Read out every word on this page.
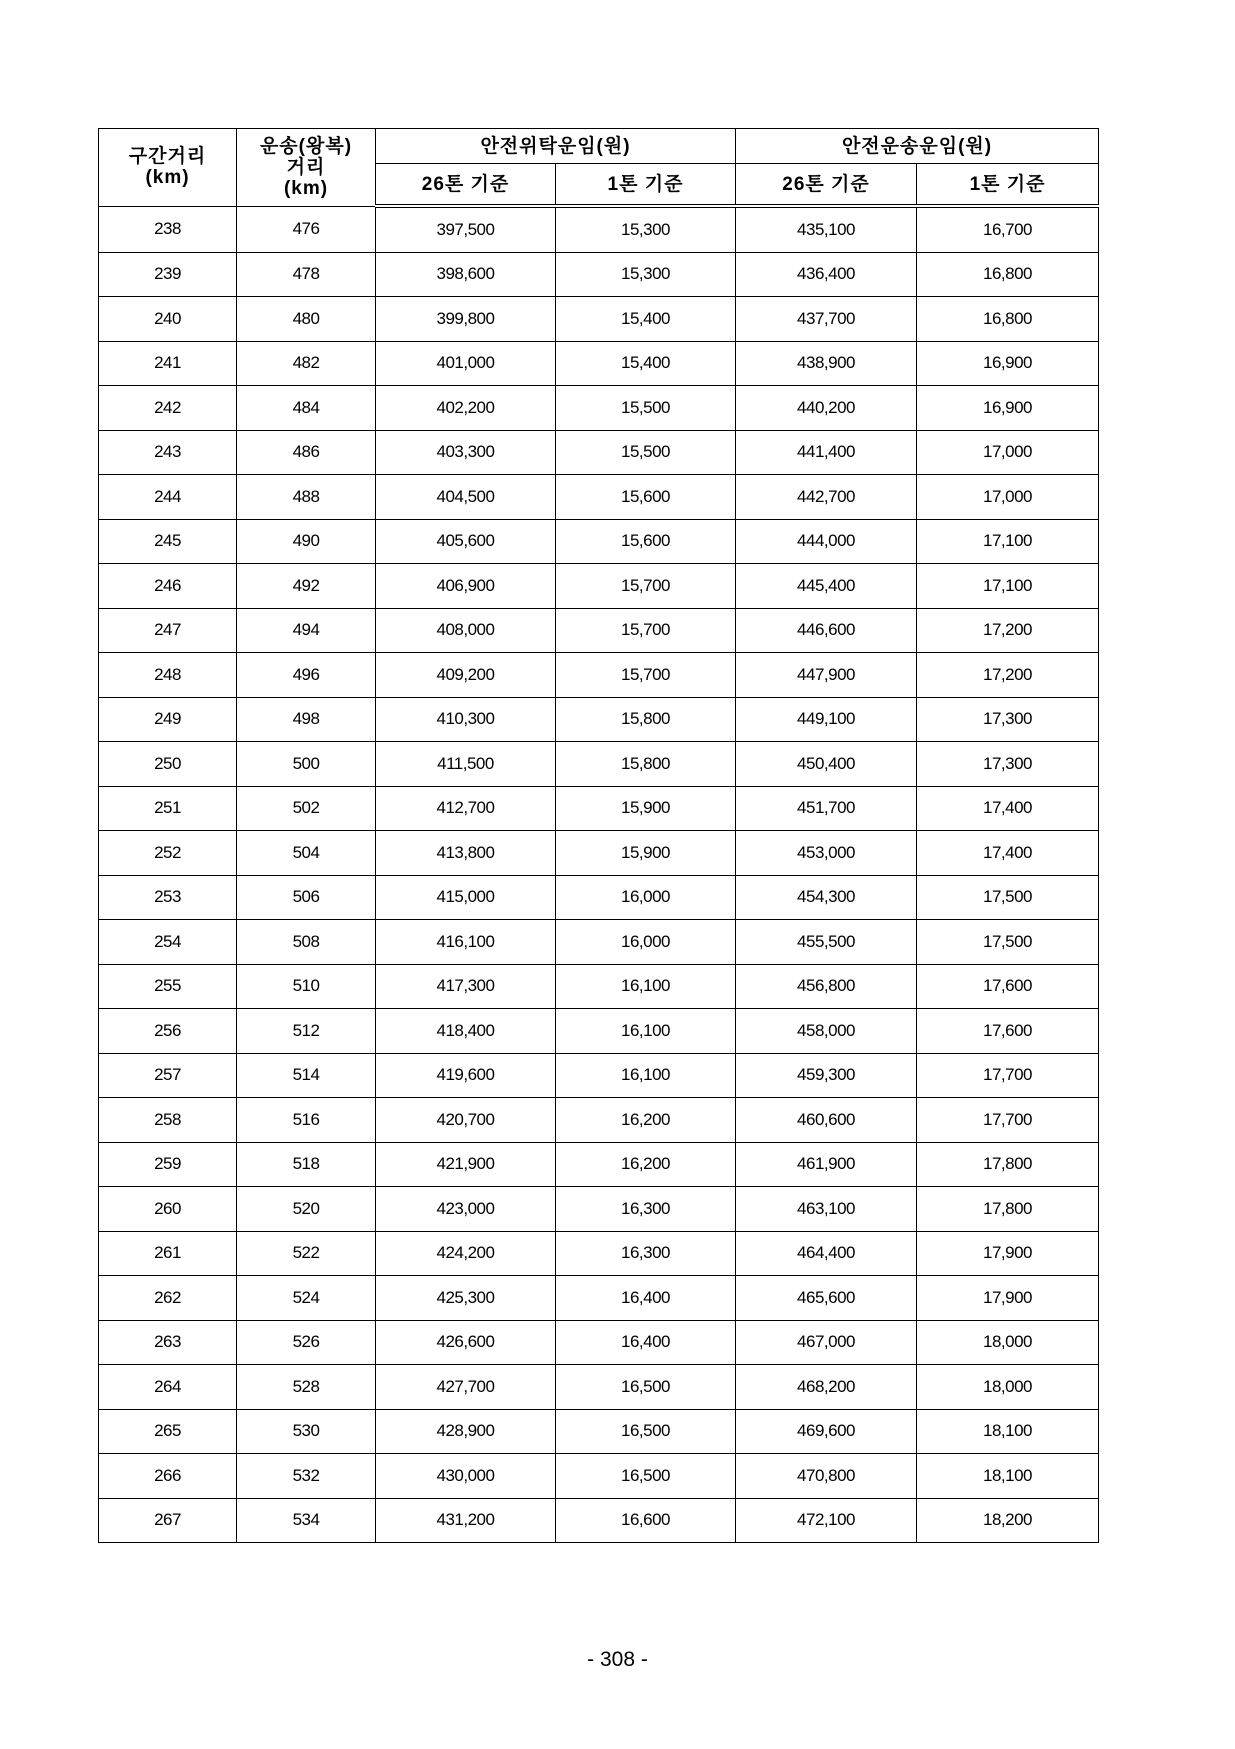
구간거리
(km)	운송(왕복)
거리
(km)	안전위탁운임(원)		안전운송운임(원)	
		26톤 기준	1톤 기준	26톤 기준	1톤 기준
238	476	397,500	15,300	435,100	16,700
239	478	398,600	15,300	436,400	16,800
240	480	399,800	15,400	437,700	16,800
241	482	401,000	15,400	438,900	16,900
242	484	402,200	15,500	440,200	16,900
243	486	403,300	15,500	441,400	17,000
244	488	404,500	15,600	442,700	17,000
245	490	405,600	15,600	444,000	17,100
246	492	406,900	15,700	445,400	17,100
247	494	408,000	15,700	446,600	17,200
248	496	409,200	15,700	447,900	17,200
249	498	410,300	15,800	449,100	17,300
250	500	411,500	15,800	450,400	17,300
251	502	412,700	15,900	451,700	17,400
252	504	413,800	15,900	453,000	17,400
253	506	415,000	16,000	454,300	17,500
254	508	416,100	16,000	455,500	17,500
255	510	417,300	16,100	456,800	17,600
256	512	418,400	16,100	458,000	17,600
257	514	419,600	16,100	459,300	17,700
258	516	420,700	16,200	460,600	17,700
259	518	421,900	16,200	461,900	17,800
260	520	423,000	16,300	463,100	17,800
261	522	424,200	16,300	464,400	17,900
262	524	425,300	16,400	465,600	17,900
263	526	426,600	16,400	467,000	18,000
264	528	427,700	16,500	468,200	18,000
265	530	428,900	16,500	469,600	18,100
266	532	430,000	16,500	470,800	18,100
267	534	431,200	16,600	472,100	18,200
- 308 -
